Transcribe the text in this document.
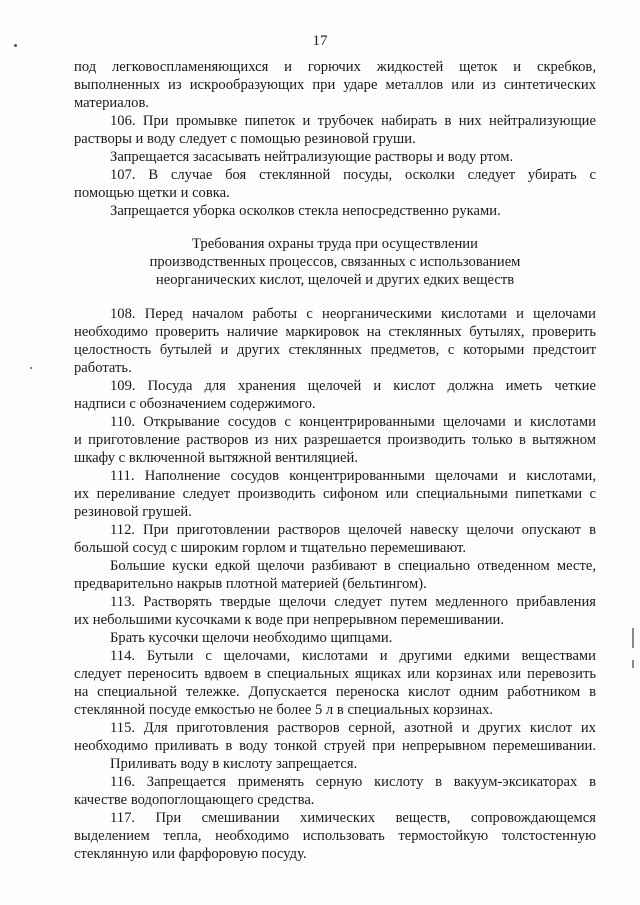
17
под легковоспламеняющихся и горючих жидкостей щеток и скребков,
выполненных из искрообразующих при ударе металлов или из синтетических
материалов.
106. При промывке пипеток и трубочек набирать в них нейтрализующие
растворы и воду следует с помощью резиновой груши.
Запрещается засасывать нейтрализующие растворы и воду ртом.
107. В случае боя стеклянной посуды, осколки следует убирать с
помощью щетки и совка.
Запрещается уборка осколков стекла непосредственно руками.
Требования охраны труда при осуществлении
производственных процессов, связанных с использованием
неорганических кислот, щелочей и других едких веществ
108. Перед началом работы с неорганическими кислотами и щелочами
необходимо проверить наличие маркировок на стеклянных бутылях, проверить
целостность бутылей и других стеклянных предметов, с которыми предстоит
работать.
109. Посуда для хранения щелочей и кислот должна иметь четкие
надписи с обозначением содержимого.
110. Открывание сосудов с концентрированными щелочами и кислотами
и приготовление растворов из них разрешается производить только в вытяжном
шкафу с включенной вытяжной вентиляцией.
111. Наполнение сосудов концентрированными щелочами и кислотами,
их переливание следует производить сифоном или специальными пипетками с
резиновой грушей.
112. При приготовлении растворов щелочей навеску щелочи опускают в
большой сосуд с широким горлом и тщательно перемешивают.
Большие куски едкой щелочи разбивают в специально отведенном месте,
предварительно накрыв плотной материей (бельтингом).
113. Растворять твердые щелочи следует путем медленного прибавления
их небольшими кусочками к воде при непрерывном перемешивании.
Брать кусочки щелочи необходимо щипцами.
114. Бутыли с щелочами, кислотами и другими едкими веществами
следует переносить вдвоем в специальных ящиках или корзинах или перевозить
на специальной тележке. Допускается переноска кислот одним работником в
стеклянной посуде емкостью не более 5 л в специальных корзинах.
115. Для приготовления растворов серной, азотной и других кислот их
необходимо приливать в воду тонкой струей при непрерывном перемешивании.
Приливать воду в кислоту запрещается.
116. Запрещается применять серную кислоту в вакуум-эксикаторах в
качестве водопоглощающего средства.
117. При смешивании химических веществ, сопровождающемся
выделением тепла, необходимо использовать термостойкую толстостенную
стеклянную или фарфоровую посуду.
